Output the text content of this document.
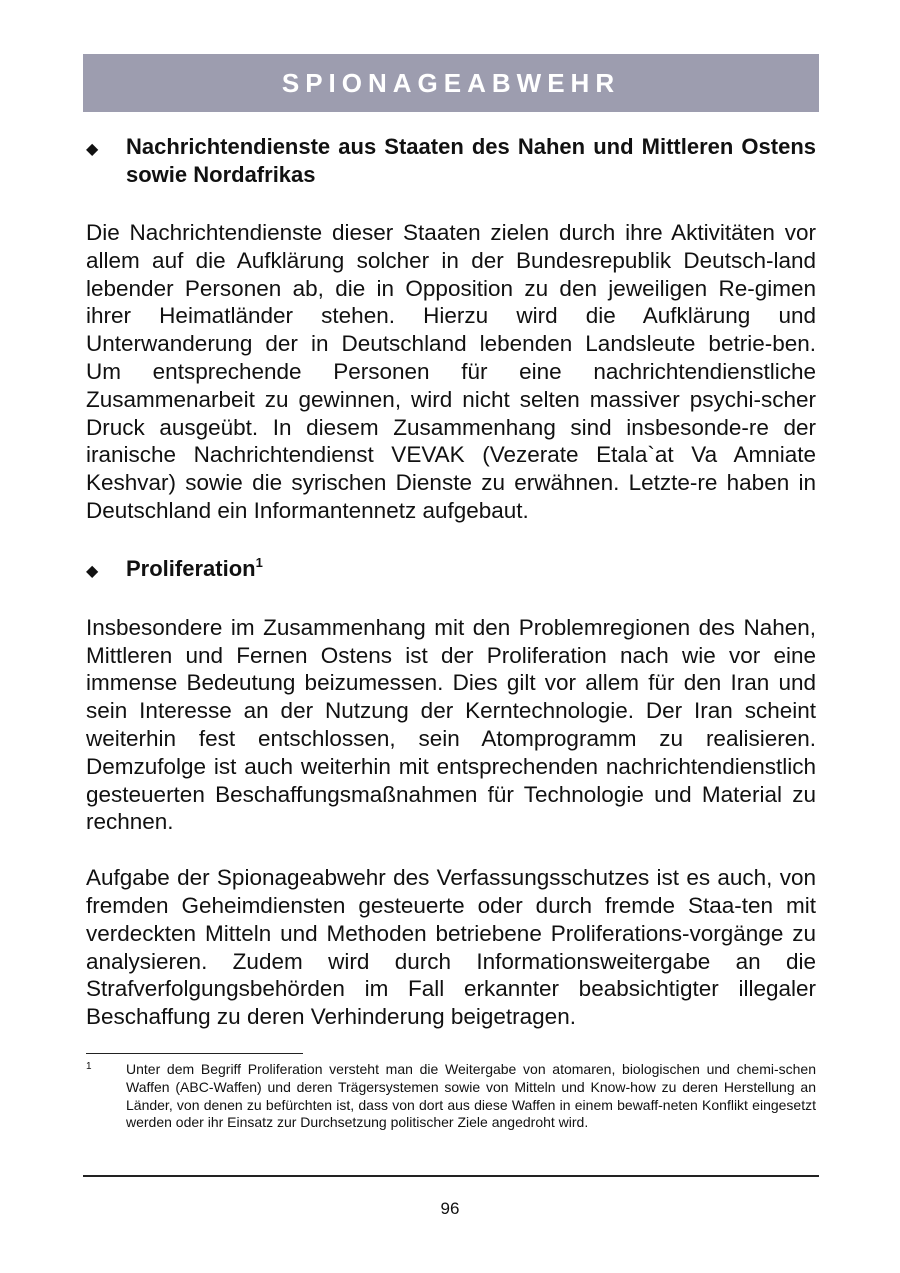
SPIONAGEABWEHR
◆	Nachrichtendienste aus Staaten des Nahen und Mittleren Ostens sowie Nordafrikas

Die Nachrichtendienste dieser Staaten zielen durch ihre Aktivitäten vor allem auf die Aufklärung solcher in der Bundesrepublik Deutsch-land lebender Personen ab, die in Opposition zu den jeweiligen Re-gimen ihrer Heimatländer stehen. Hierzu wird die Aufklärung und Unterwanderung der in Deutschland lebenden Landsleute betrie-ben. Um entsprechende Personen für eine nachrichtendienstliche Zusammenarbeit zu gewinnen, wird nicht selten massiver psychi-scher Druck ausgeübt. In diesem Zusammenhang sind insbesonde-re der iranische Nachrichtendienst VEVAK (Vezerate Etala`at Va Amniate Keshvar) sowie die syrischen Dienste zu erwähnen. Letzte-re haben in Deutschland ein Informantennetz aufgebaut.

◆	Proliferation$^1$

Insbesondere im Zusammenhang mit den Problemregionen des Nahen, Mittleren und Fernen Ostens ist der Proliferation nach wie vor eine immense Bedeutung beizumessen. Dies gilt vor allem für den Iran und sein Interesse an der Nutzung der Kerntechnologie. Der Iran scheint weiterhin fest entschlossen, sein Atomprogramm zu realisieren. Demzufolge ist auch weiterhin mit entsprechenden nachrichtendienstlich gesteuerten Beschaffungsmaßnahmen für Technologie und Material zu rechnen.

Aufgabe der Spionageabwehr des Verfassungsschutzes ist es auch, von fremden Geheimdiensten gesteuerte oder durch fremde Staa-ten mit verdeckten Mitteln und Methoden betriebene Proliferations-vorgänge zu analysieren. Zudem wird durch Informationsweitergabe an die Strafverfolgungsbehörden im Fall erkannter beabsichtigter illegaler Beschaffung zu deren Verhinderung beigetragen.

1	Unter dem Begriff Proliferation versteht man die Weitergabe von atomaren, biologischen und chemi-schen Waffen (ABC-Waffen) und deren Trägersystemen sowie von Mitteln und Know-how zu deren Herstellung an Länder, von denen zu befürchten ist, dass von dort aus diese Waffen in einem bewaff-neten Konflikt eingesetzt werden oder ihr Einsatz zur Durchsetzung politischer Ziele angedroht wird.
96
